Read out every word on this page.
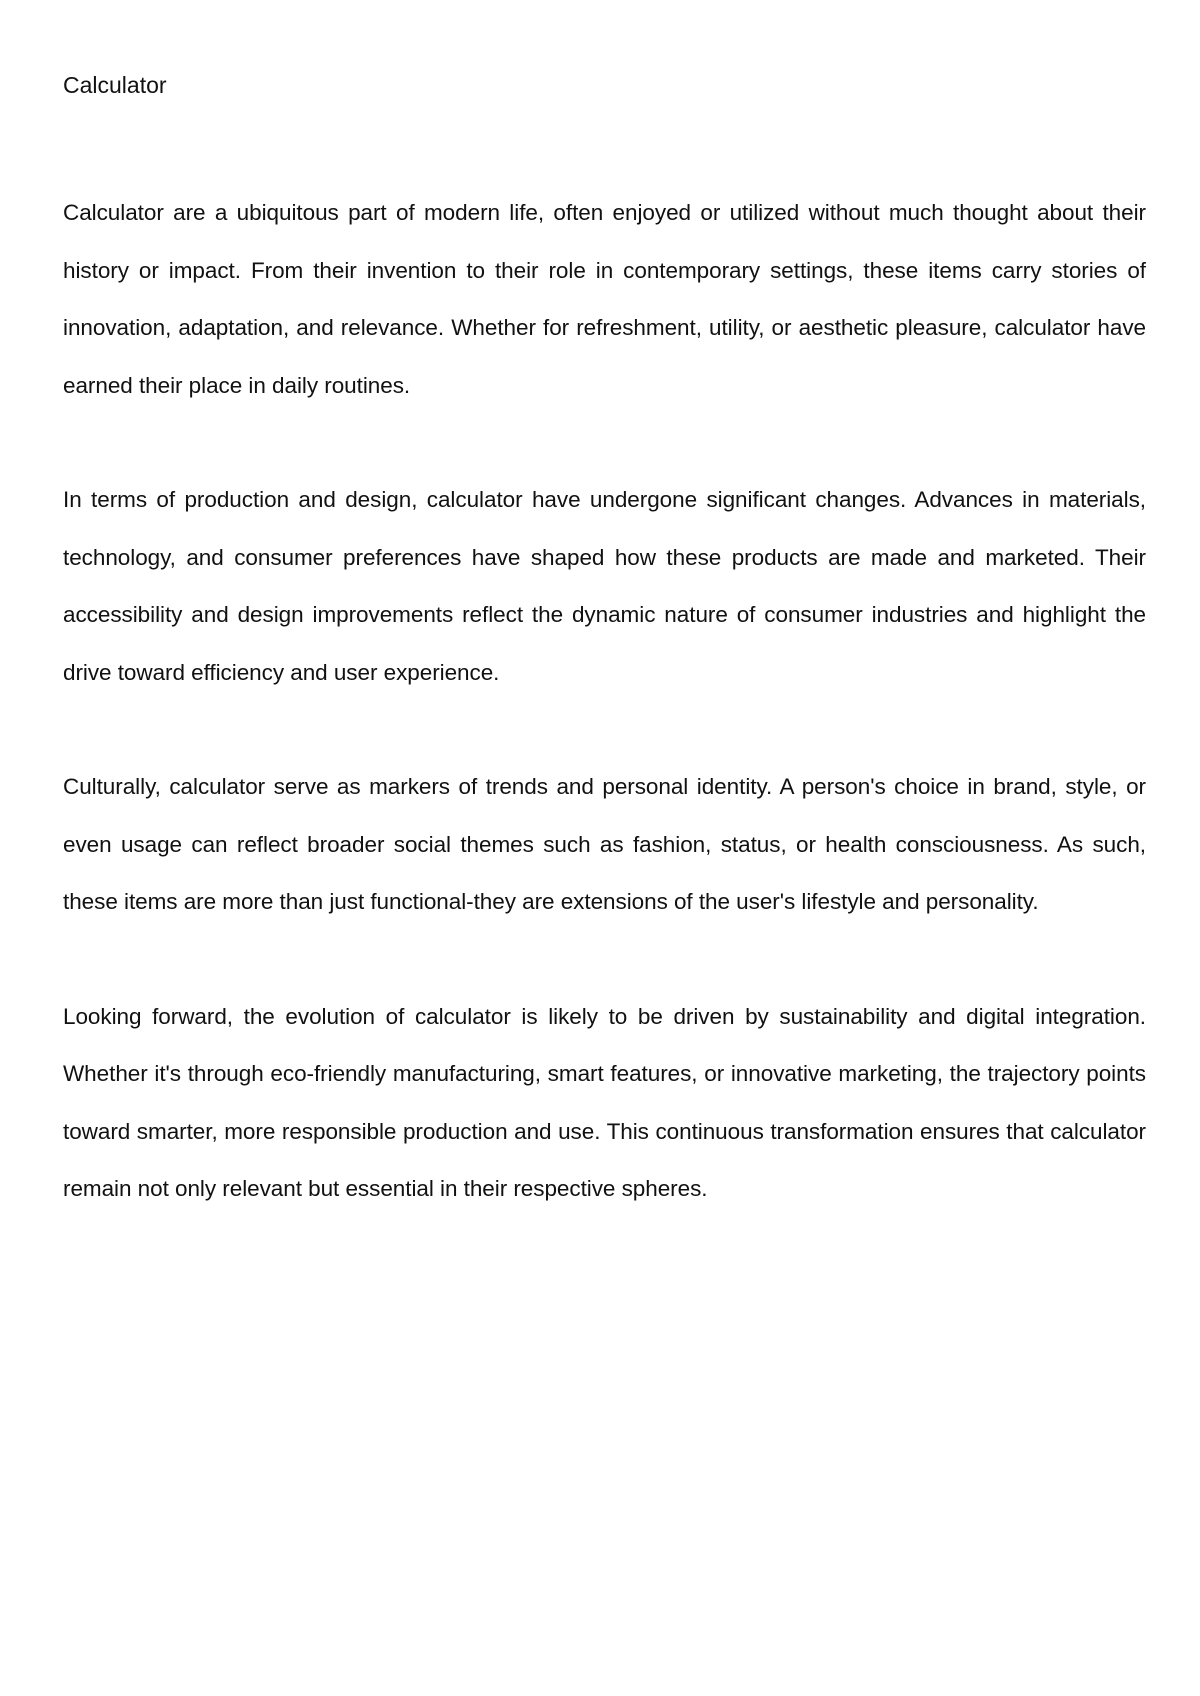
Calculator

Calculator are a ubiquitous part of modern life, often enjoyed or utilized without much thought about their history or impact. From their invention to their role in contemporary settings, these items carry stories of innovation, adaptation, and relevance. Whether for refreshment, utility, or aesthetic pleasure, calculator have earned their place in daily routines.

In terms of production and design, calculator have undergone significant changes. Advances in materials, technology, and consumer preferences have shaped how these products are made and marketed. Their accessibility and design improvements reflect the dynamic nature of consumer industries and highlight the drive toward efficiency and user experience.

Culturally, calculator serve as markers of trends and personal identity. A person's choice in brand, style, or even usage can reflect broader social themes such as fashion, status, or health consciousness. As such, these items are more than just functional-they are extensions of the user's lifestyle and personality.

Looking forward, the evolution of calculator is likely to be driven by sustainability and digital integration. Whether it's through eco-friendly manufacturing, smart features, or innovative marketing, the trajectory points toward smarter, more responsible production and use. This continuous transformation ensures that calculator remain not only relevant but essential in their respective spheres.
